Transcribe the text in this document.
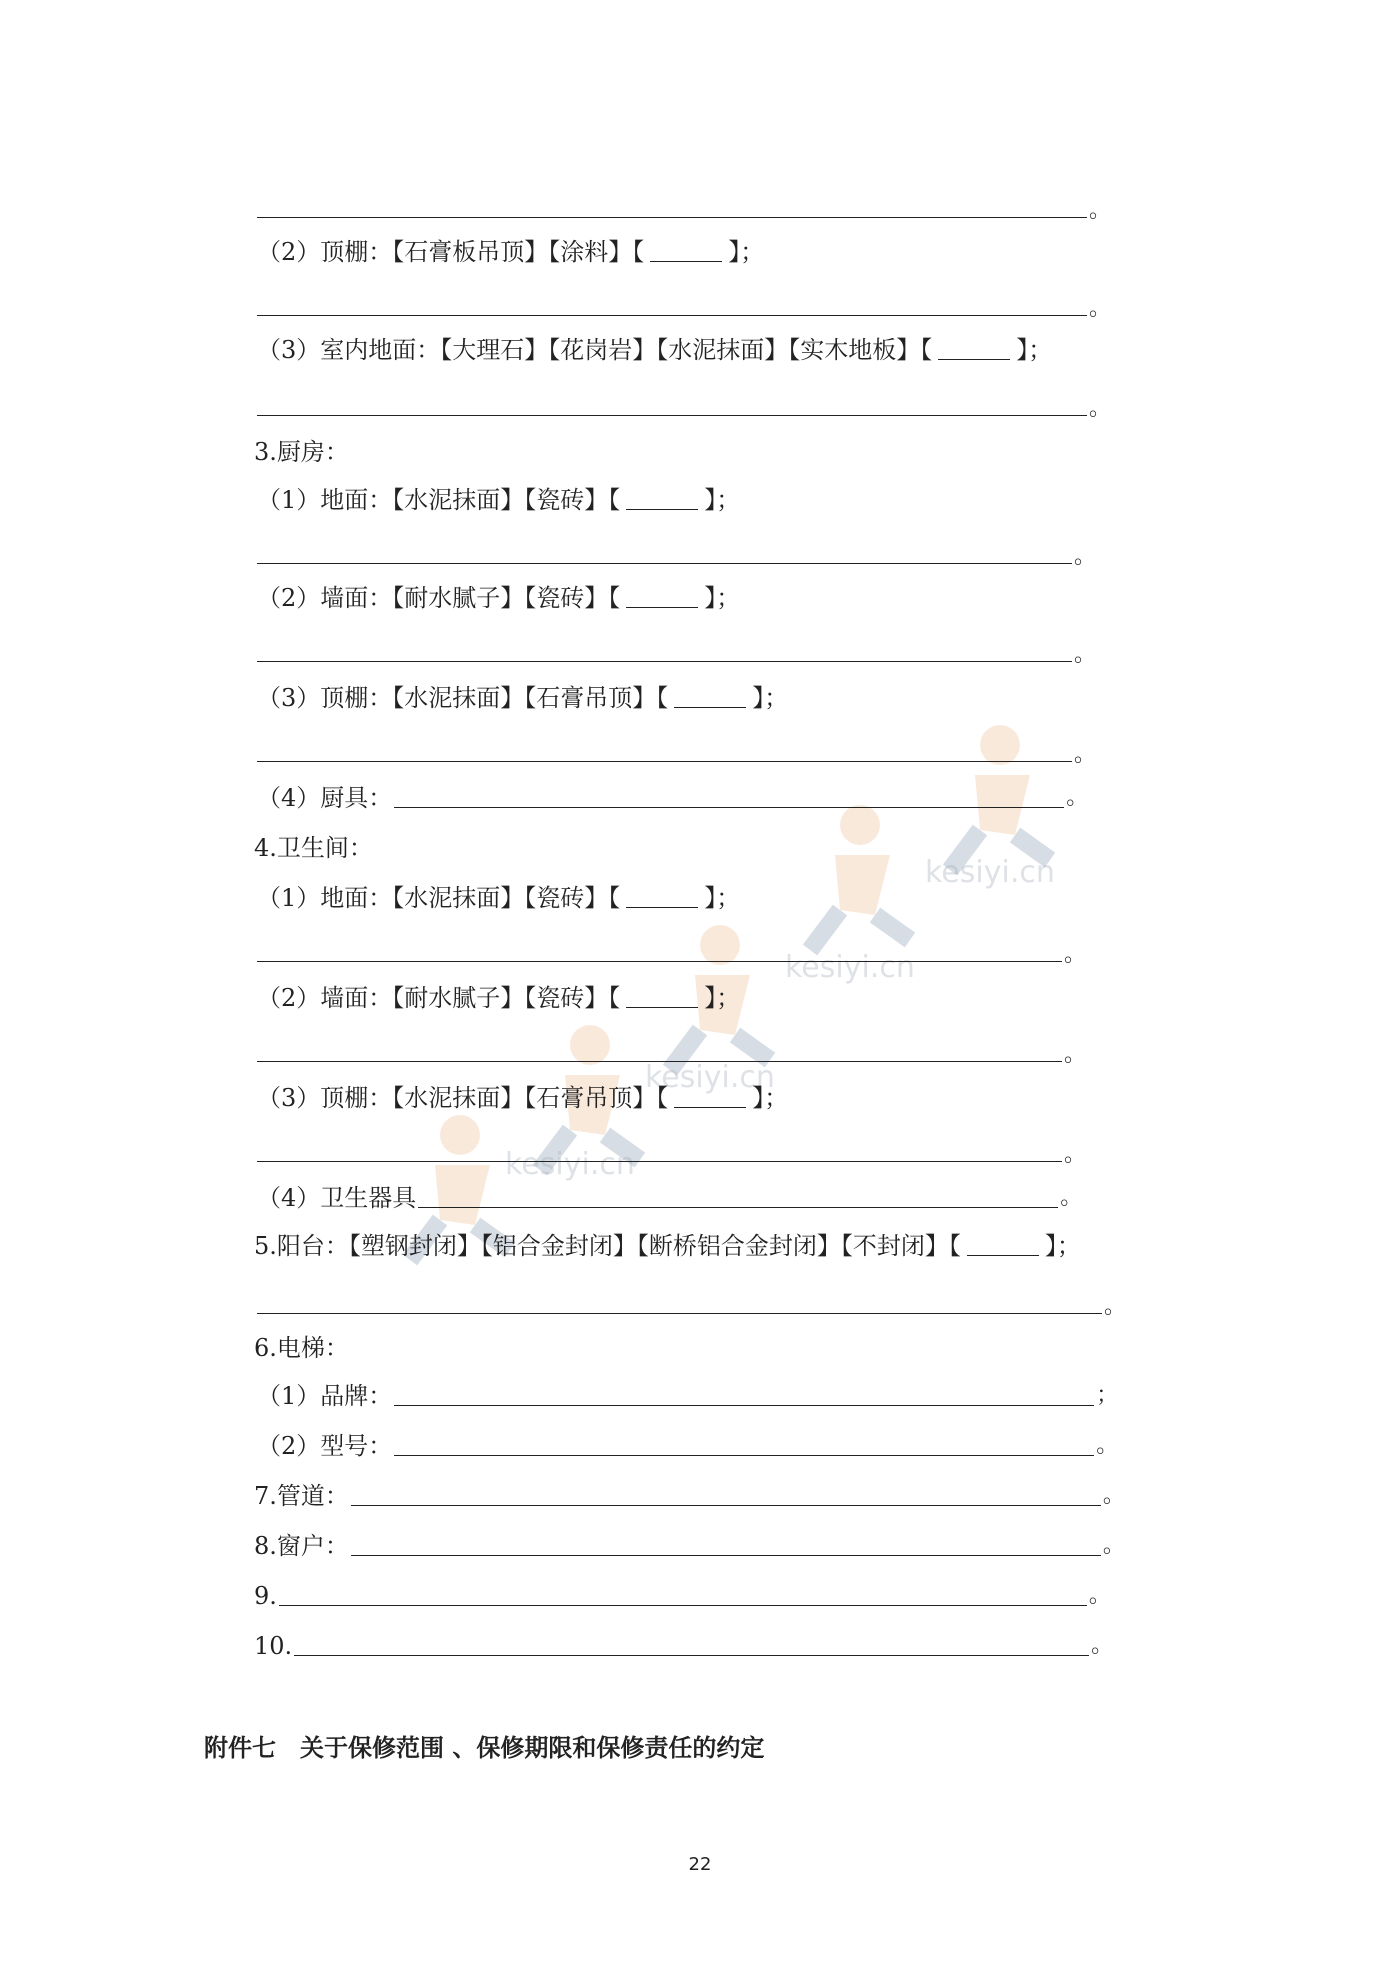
kesiyi.cn
kesiyi.cn
kesiyi.cn
kesiyi.cn
。
（2）顶棚：【石膏板吊顶】【涂料】【	】；
。
（3）室内地面：【大理石】【花岗岩】【水泥抹面】【实木地板】【	】；
。
3.厨房：
（1）地面：【水泥抹面】【瓷砖】【	】；
。
（2）墙面：【耐水腻子】【瓷砖】【	】；
。
（3）顶棚：【水泥抹面】【石膏吊顶】【	】；
。
（4）厨具：	。
4.卫生间：
（1）地面：【水泥抹面】【瓷砖】【	】；
。
（2）墙面：【耐水腻子】【瓷砖】【	】；
。
（3）顶棚：【水泥抹面】【石膏吊顶】【	】；
。
（4）卫生器具	。
5.阳台：【塑钢封闭】【铝合金封闭】【断桥铝合金封闭】【不封闭】【	】；
。
6.电梯：
（1）品牌：	；
（2）型号：	。
7.管道：	。
8.窗户：	。
9.	。
10.	。
附件七　关于保修范围 、保修期限和保修责任的约定
22
